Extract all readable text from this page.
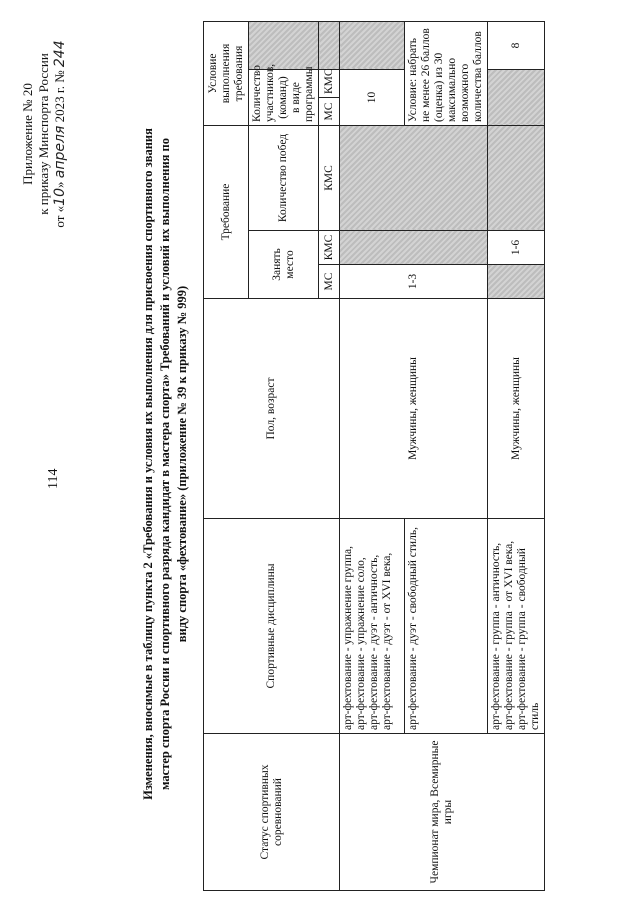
114
Приложение № 20 к приказу Минспорта России
от «10» апреля 2023 г. № 244
Изменения, вносимые в таблицу пункта 2 «Требования и условия их выполнения для присвоения спортивного звания мастер спорта России и спортивного разряда кандидат в мастера спорта» Требований и условий их выполнения по виду спорта «фехтование» (приложение № 39 к приказу № 999)
Статус спортивных соревнований	Спортивные дисциплины	Пол, возраст	Требование			Условие выполнения требования		
			Занять место		Количество побед	Количество участников, (команд) в виде программы		
			МС	КМС	КМС	МС	КМС	
Чемпионат мира, Всемирные игры	арт-фехтование - упражнение группа, арт-фехтование - упражнение соло, арт-фехтование - дуэт - античность, арт-фехтование - дуэт - от XVI века,	Мужчины, женщины	1-3			10		
	арт-фехтование - дуэт - свободный стиль,					Условие: набрать не менее 26 баллов (оценка) из 30 максимально возможного количества баллов		

	арт-фехтование - группа - античность, арт-фехтование - группа - от XVI века, арт-фехтование - группа - свободный стиль	Мужчины, женщины		1-6				8
